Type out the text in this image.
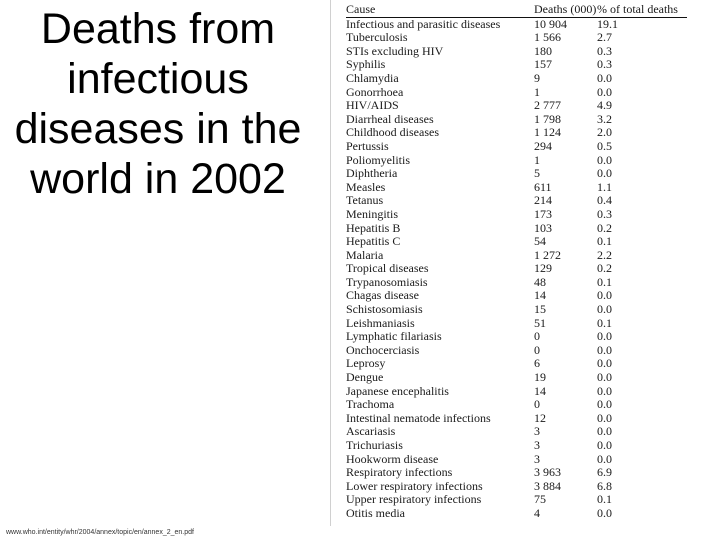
Deaths from
infectious
diseases in the
world in 2002
www.who.int/entity/whr/2004/annex/topic/en/annex_2_en.pdf
Cause	Deaths (000)	% of total deaths
Infectious and parasitic diseases	10 904	19.1
Tuberculosis	1 566	2.7
STIs excluding HIV	180	0.3
Syphilis	157	0.3
Chlamydia	9	0.0
Gonorrhoea	1	0.0
HIV/AIDS	2 777	4.9
Diarrheal diseases	1 798	3.2
Childhood diseases	1 124	2.0
Pertussis	294	0.5
Poliomyelitis	1	0.0
Diphtheria	5	0.0
Measles	611	1.1
Tetanus	214	0.4
Meningitis	173	0.3
Hepatitis B	103	0.2
Hepatitis C	54	0.1
Malaria	1 272	2.2
Tropical diseases	129	0.2
Trypanosomiasis	48	0.1
Chagas disease	14	0.0
Schistosomiasis	15	0.0
Leishmaniasis	51	0.1
Lymphatic filariasis	0	0.0
Onchocerciasis	0	0.0
Leprosy	6	0.0
Dengue	19	0.0
Japanese encephalitis	14	0.0
Trachoma	0	0.0
Intestinal nematode infections	12	0.0
Ascariasis	3	0.0
Trichuriasis	3	0.0
Hookworm disease	3	0.0
Respiratory infections	3 963	6.9
Lower respiratory infections	3 884	6.8
Upper respiratory infections	75	0.1
Otitis media	4	0.0
